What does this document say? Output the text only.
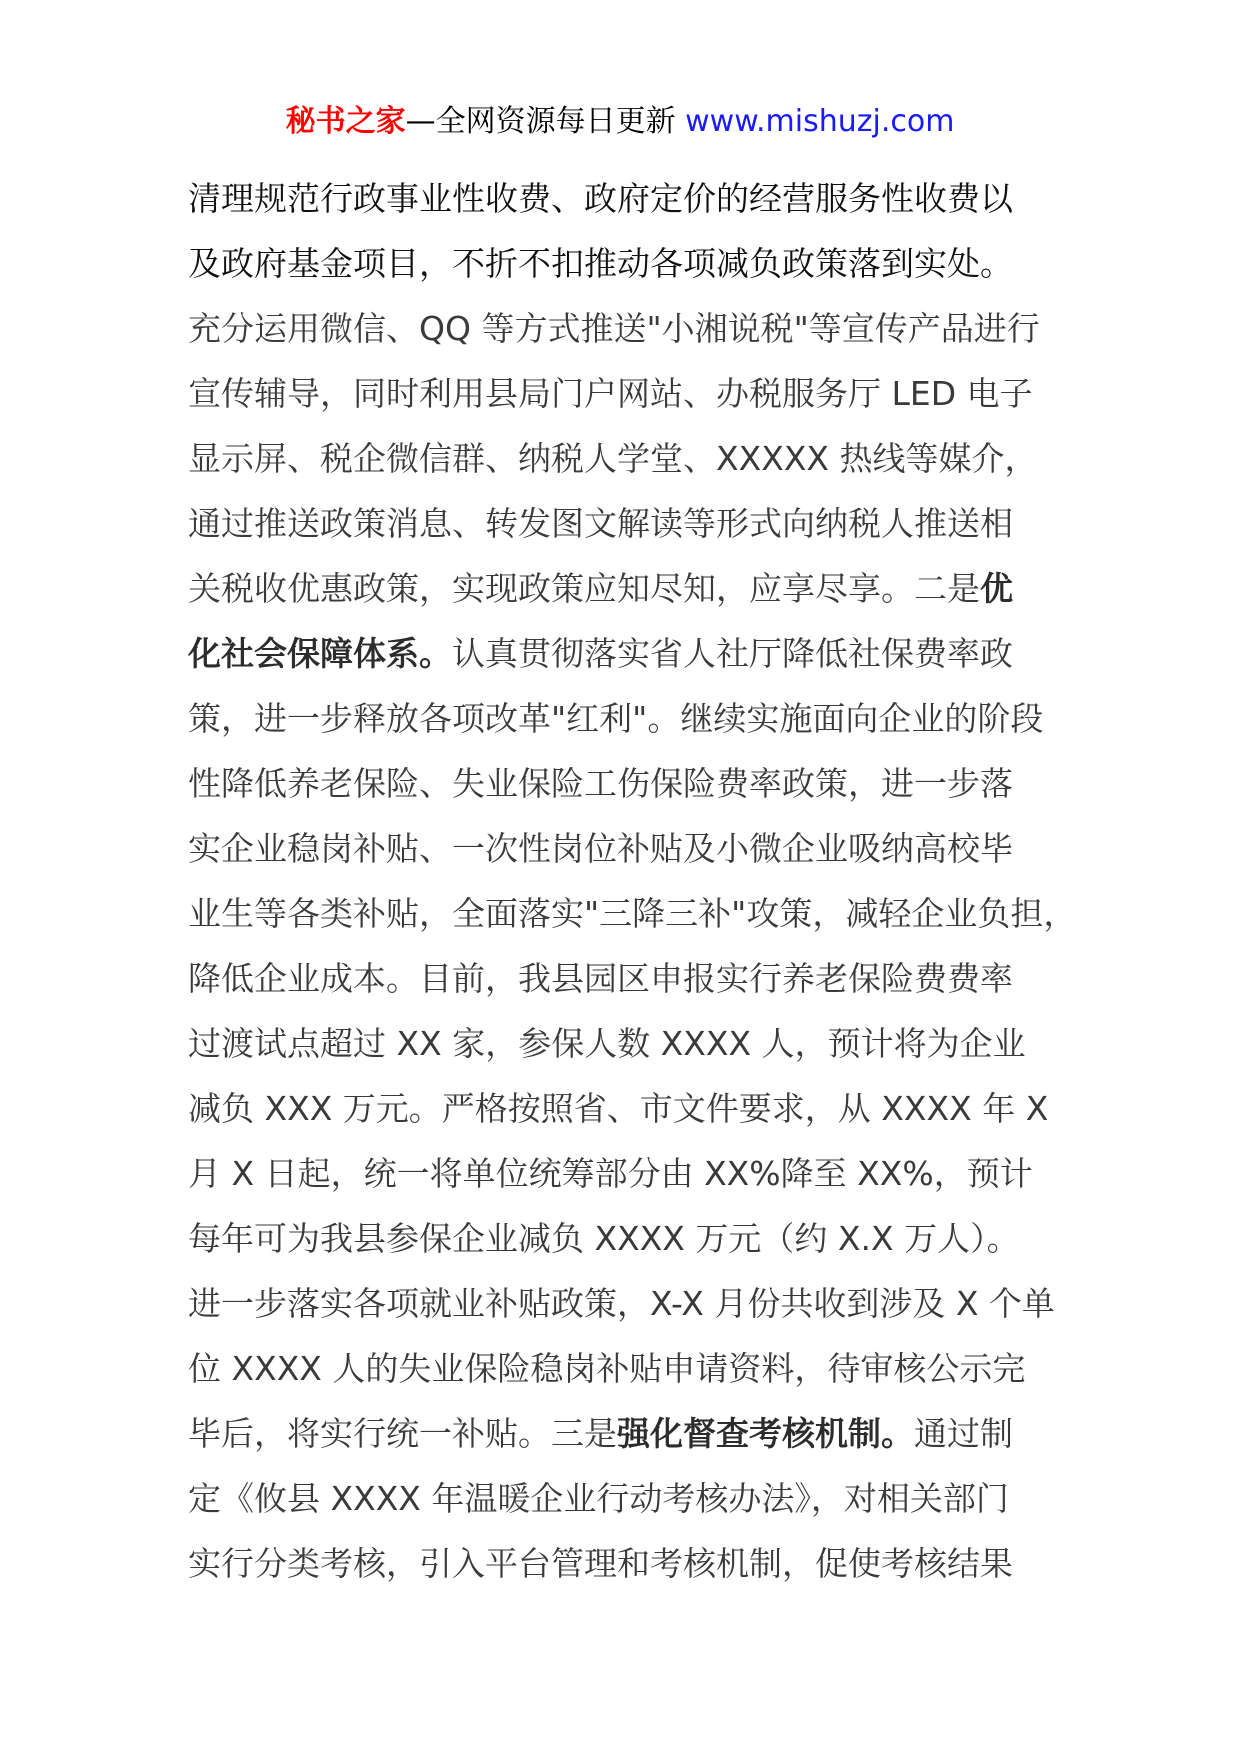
秘书之家—全网资源每日更新 www.mishuzj.com
清理规范行政事业性收费、政府定价的经营服务性收费以
及政府基金项目，不折不扣推动各项减负政策落到实处。
充分运用微信、QQ 等方式推送"小湘说税"等宣传产品进行
宣传辅导，同时利用县局门户网站、办税服务厅 LED 电子
显示屏、税企微信群、纳税人学堂、XXXXX 热线等媒介，
通过推送政策消息、转发图文解读等形式向纳税人推送相
关税收优惠政策，实现政策应知尽知，应享尽享。二是优
化社会保障体系。认真贯彻落实省人社厅降低社保费率政
策，进一步释放各项改革"红利"。继续实施面向企业的阶段
性降低养老保险、失业保险工伤保险费率政策，进一步落
实企业稳岗补贴、一次性岗位补贴及小微企业吸纳高校毕
业生等各类补贴，全面落实"三降三补"攻策，减轻企业负担，
降低企业成本。目前，我县园区申报实行养老保险费费率
过渡试点超过 XX 家，参保人数 XXXX 人，预计将为企业
减负 XXX 万元。严格按照省、市文件要求，从 XXXX 年 X
月 X 日起，统一将单位统筹部分由 XX%降至 XX%，预计
每年可为我县参保企业减负 XXXX 万元（约 X.X 万人）。
进一步落实各项就业补贴政策，X-X 月份共收到涉及 X 个单
位 XXXX 人的失业保险稳岗补贴申请资料，待审核公示完
毕后，将实行统一补贴。三是强化督查考核机制。通过制
定《攸县 XXXX 年温暖企业行动考核办法》，对相关部门
实行分类考核，引入平台管理和考核机制，促使考核结果
